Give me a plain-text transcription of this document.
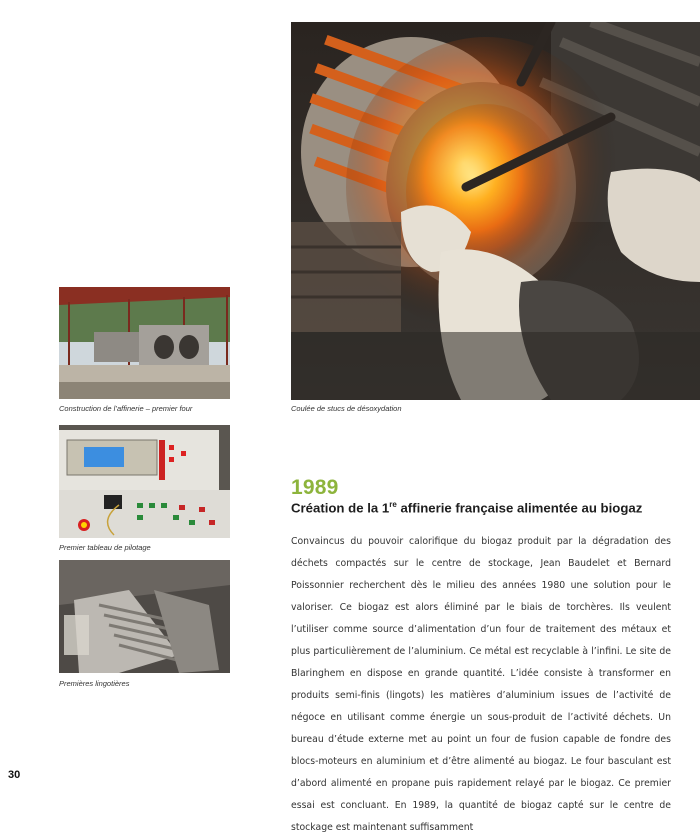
Coulée de stucs de désoxydation
Construction de l’affinerie – premier four
Premier tableau de pilotage
Premières lingotières
1989
Création de la 1re affinerie française alimentée au biogaz

Convaincus du pouvoir calorifique du biogaz produit par la dégradation des déchets compactés sur le centre de stockage, Jean Baudelet et Bernard Poissonnier recherchent dès le milieu des années 1980 une solution pour le valoriser. Ce biogaz est alors éliminé par le biais de torchères. Ils veulent l’utiliser comme source d’alimentation d’un four de traitement des métaux et plus particulièrement de l’aluminium. Ce métal est recyclable à l’infini. Le site de Blaringhem en dispose en grande quantité. L’idée consiste à transformer en produits semi-finis (lingots) les matières d’aluminium issues de l’activité de négoce en utilisant comme énergie un sous-produit de l’activité déchets. Un bureau d’étude externe met au point un four de fusion capable de fondre des blocs-moteurs en aluminium et d’être alimenté au biogaz. Le four basculant est d’abord alimenté en propane puis rapidement relayé par le biogaz. Ce premier essai est concluant. En 1989, la quantité de biogaz capté sur le centre de stockage est maintenant suffisamment

30
